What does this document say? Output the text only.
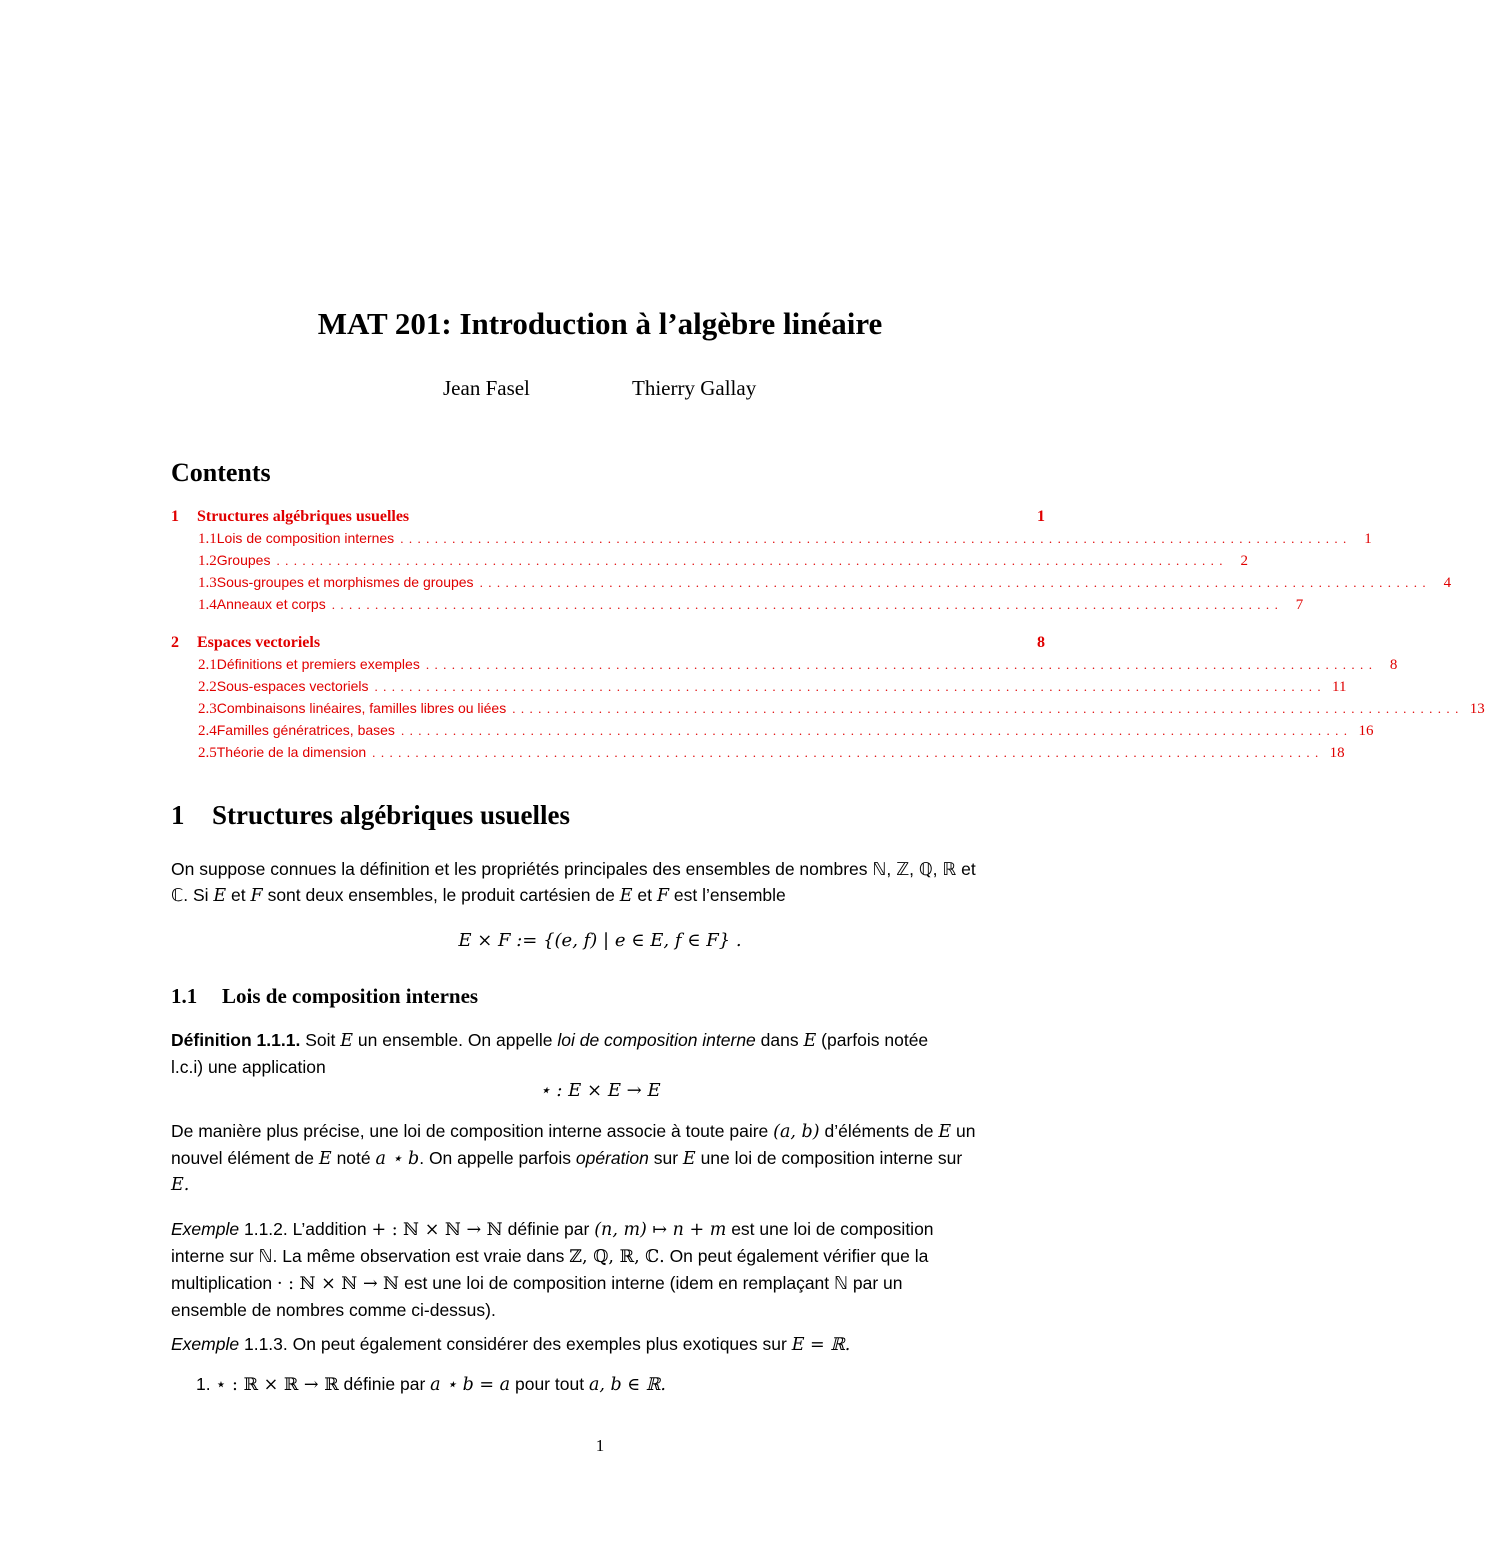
MAT 201: Introduction à l’algèbre linéaire
Jean Fasel	Thierry Gallay
Contents
1	Structures algébriques usuelles	1
1.1 Lois de composition internes .............................................................................................................. 1
1.2 Groupes .............................................................................................................. 2
1.3 Sous-groupes et morphismes de groupes .............................................................................................................. 4
1.4 Anneaux et corps .............................................................................................................. 7
2	Espaces vectoriels	8
2.1 Définitions et premiers exemples .............................................................................................................. 8
2.2 Sous-espaces vectoriels .............................................................................................................. 11
2.3 Combinaisons linéaires, familles libres ou liées .............................................................................................................. 13
2.4 Familles génératrices, bases .............................................................................................................. 16
2.5 Théorie de la dimension .............................................................................................................. 18
1 Structures algébriques usuelles
On suppose connues la définition et les propriétés principales des ensembles de nombres ℕ, ℤ, ℚ, ℝ et
ℂ. Si E et F sont deux ensembles, le produit cartésien de E et F est l’ensemble
E × F := {(e, f) | e ∈ E, f ∈ F} .
1.1 Lois de composition internes
Définition 1.1.1. Soit E un ensemble. On appelle loi de composition interne dans E (parfois notée
l.c.i) une application
⋆ : E × E → E
De manière plus précise, une loi de composition interne associe à toute paire (a, b) d’éléments de E un
nouvel élément de E noté a ⋆ b. On appelle parfois opération sur E une loi de composition interne sur
E.
Exemple 1.1.2. L’addition + : ℕ × ℕ → ℕ définie par (n, m) ↦ n + m est une loi de composition
interne sur ℕ. La même observation est vraie dans ℤ, ℚ, ℝ, ℂ. On peut également vérifier que la
multiplication · : ℕ × ℕ → ℕ est une loi de composition interne (idem en remplaçant ℕ par un
ensemble de nombres comme ci-dessus).
Exemple 1.1.3. On peut également considérer des exemples plus exotiques sur E = ℝ.
1. ⋆ : ℝ × ℝ → ℝ définie par a ⋆ b = a pour tout a, b ∈ ℝ.
1
